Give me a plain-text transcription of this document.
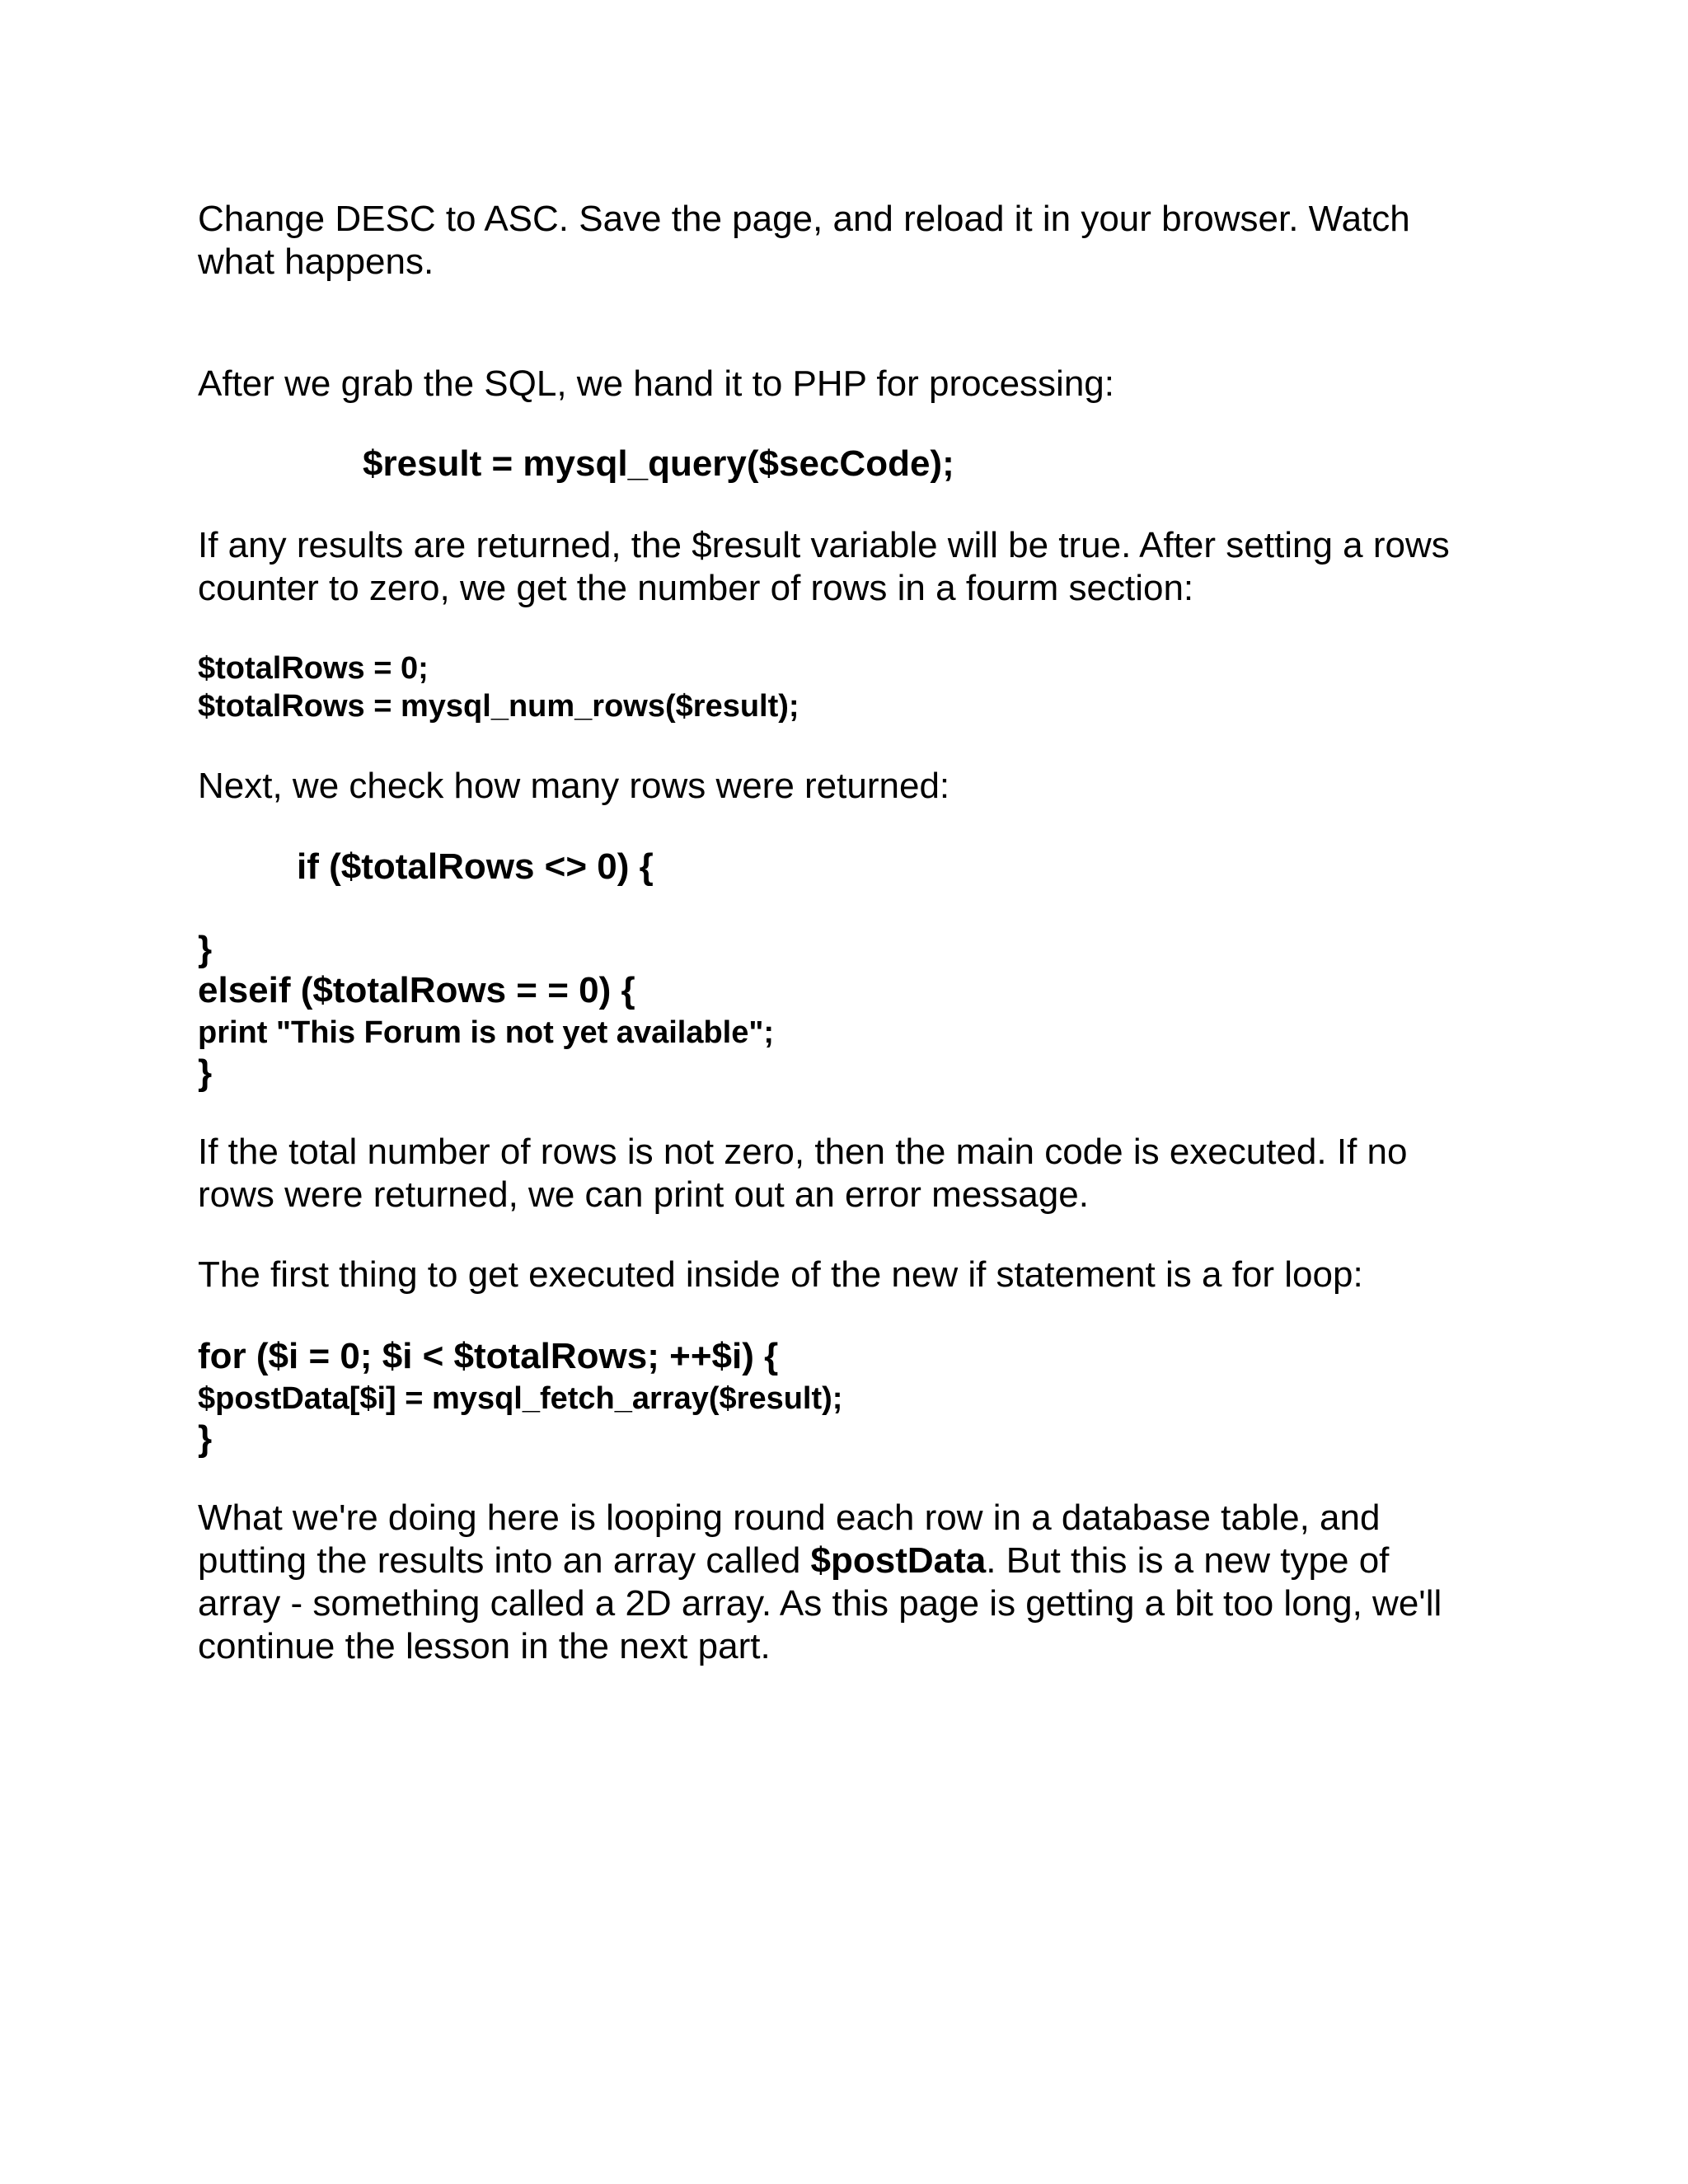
Change DESC to ASC. Save the page, and reload it in your browser. Watch

what happens.

After we grab the SQL, we hand it to PHP for processing:

$result = mysql_query($secCode);

If any results are returned, the $result variable will be true. After setting a rows

counter to zero, we get the number of rows in a fourm section:

$totalRows = 0;

$totalRows = mysql_num_rows($result);

Next, we check how many rows were returned:

if ($totalRows <> 0) {

}

elseif ($totalRows = = 0) {

print "This Forum is not yet available";

}

If the total number of rows is not zero, then the main code is executed. If no

rows were returned, we can print out an error message.

The first thing to get executed inside of the new if statement is a for loop:

for ($i = 0; $i < $totalRows; ++$i) {

$postData[$i] = mysql_fetch_array($result);

}

What we're doing here is looping round each row in a database table, and

putting the results into an array called $postData. But this is a new type of

array - something called a 2D array. As this page is getting a bit too long, we'll

continue the lesson in the next part.
